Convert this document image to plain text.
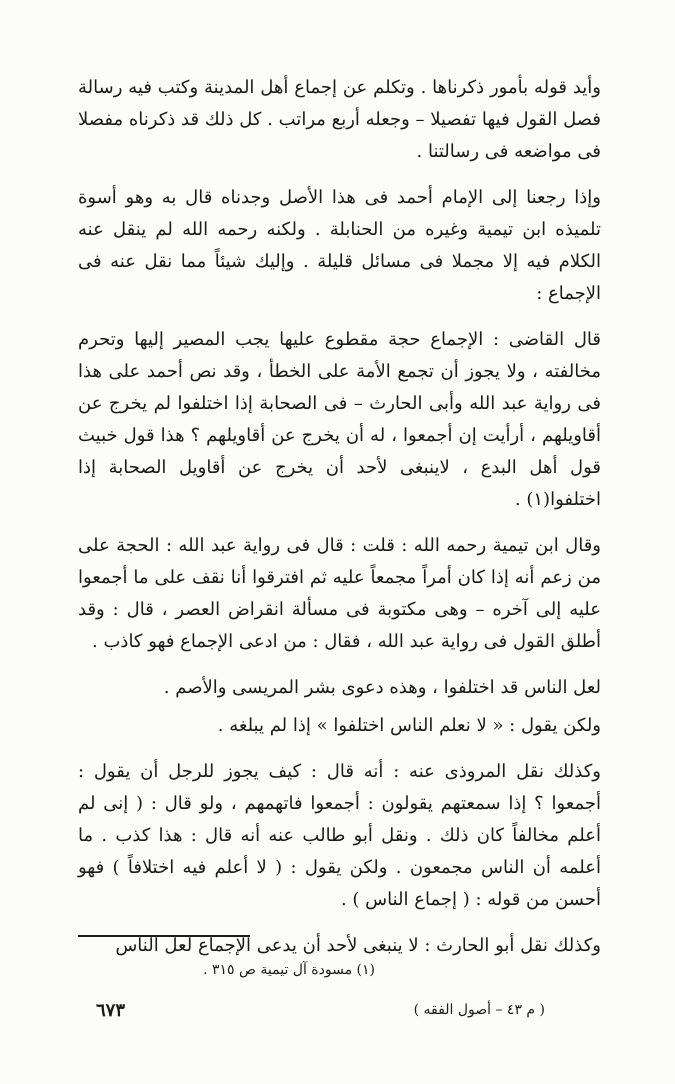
وأيد قوله بأمور ذكرناها . وتكلم عن إجماع أهل المدينة وكتب فيه رسالة فصل القول فيها تفصيلا – وجعله أربع مراتب . كل ذلك قد ذكرناه مفصلا فى مواضعه فى رسالتنا .

وإذا رجعنا إلى الإمام أحمد فى هذا الأصل وجدناه قال به وهو أسوة تلميذه ابن تيمية وغيره من الحنابلة . ولكنه رحمه الله لم ينقل عنه الكلام فيه إلا مجملا فى مسائل قليلة . وإليك شيئاً مما نقل عنه فى الإجماع :

قال القاضى : الإجماع حجة مقطوع عليها يجب المصير إليها وتحرم مخالفته ، ولا يجوز أن تجمع الأمة على الخطأ ، وقد نص أحمد على هذا فى رواية عبد الله وأبى الحارث – فى الصحابة إذا اختلفوا لم يخرج عن أقاويلهم ، أرأيت إن أجمعوا ، له أن يخرج عن أقاويلهم ؟ هذا قول خبيث قول أهل البدع ، لاينبغى لأحد أن يخرج عن أقاويل الصحابة إذا اختلفوا(١) .

وقال ابن تيمية رحمه الله : قلت : قال فى رواية عبد الله : الحجة على من زعم أنه إذا كان أمراً مجمعاً عليه ثم افترقوا أنا نقف على ما أجمعوا عليه إلى آخره – وهى مكتوبة فى مسألة انقراض العصر ، قال : وقد أطلق القول فى رواية عبد الله ، فقال : من ادعى الإجماع فهو كاذب .

لعل الناس قد اختلفوا ، وهذه دعوى بشر المريسى والأصم .

ولكن يقول : « لا نعلم الناس اختلفوا » إذا لم يبلغه .

وكذلك نقل المروذى عنه : أنه قال : كيف يجوز للرجل أن يقول : أجمعوا ؟ إذا سمعتهم يقولون : أجمعوا فاتهمهم ، ولو قال : ( إنى لم أعلم مخالفاً كان ذلك . ونقل أبو طالب عنه أنه قال : هذا كذب . ما أعلمه أن الناس مجمعون . ولكن يقول : ( لا أعلم فيه اختلافاً ) فهو أحسن من قوله : ( إجماع الناس ) .

وكذلك نقل أبو الحارث : لا ينبغى لأحد أن يدعى الإجماع لعل الناس

(١) مسودة آل تيمية ص ٣١٥ .
٦٧٣	( م ٤٣ – أصول الفقه )
